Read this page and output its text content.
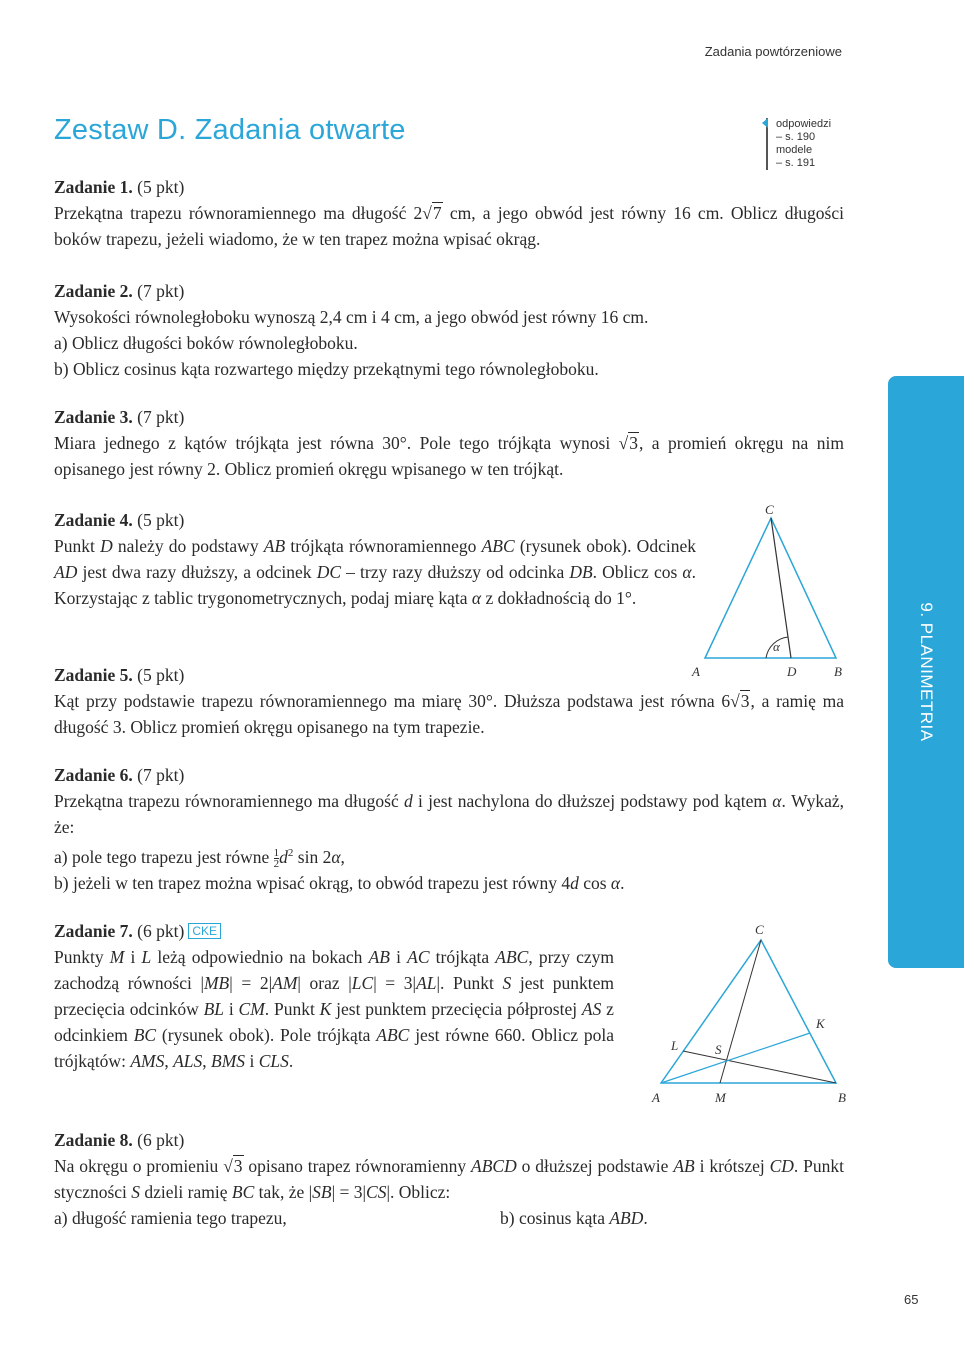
Zadania powtórzeniowe
Zestaw D. Zadania otwarte	odpowiedzi
– s. 190
modele
– s. 191

Zadanie 1. (5 pkt)

Przekątna trapezu równoramiennego ma długość 2√7 cm, a jego obwód jest równy 16 cm. Oblicz długości boków trapezu, jeżeli wiadomo, że w ten trapez można wpisać okrąg.

Zadanie 2. (7 pkt)

Wysokości równoległoboku wynoszą 2,4 cm i 4 cm, a jego obwód jest równy 16 cm.

a) Oblicz długości boków równoległoboku.

b) Oblicz cosinus kąta rozwartego między przekątnymi tego równoległoboku.

Zadanie 3. (7 pkt)

Miara jednego z kątów trójkąta jest równa 30°. Pole tego trójkąta wynosi √3, a promień okręgu na nim opisanego jest równy 2. Oblicz promień okręgu wpisanego w ten trójkąt.

Zadanie 4. (5 pkt)

Punkt D należy do podstawy AB trójkąta równoramiennego ABC (rysunek obok). Odcinek AD jest dwa razy dłuższy, a odcinek DC – trzy razy dłuższy od odcinka DB. Oblicz cos α. Korzystając z tablic trygonometrycznych, podaj miarę kąta α z dokładnością do 1°.

C
α
A	D	B

Zadanie 5. (5 pkt)

Kąt przy podstawie trapezu równoramiennego ma miarę 30°. Dłuższa podstawa jest równa 6√3, a ramię ma długość 3. Oblicz promień okręgu opisanego na tym trapezie.

Zadanie 6. (7 pkt)

Przekątna trapezu równoramiennego ma długość d i jest nachylona do dłuższej podstawy pod kątem α. Wykaż, że:

a) pole tego trapezu jest równe $\frac{1}{2} d^2$ sin 2α,

b) jeżeli w ten trapez można wpisać okrąg, to obwód trapezu jest równy 4d cos α.

Zadanie 7. (6 pkt) CKE

Punkty M i L leżą odpowiednio na bokach AB i AC trójkąta ABC, przy czym zachodzą równości |MB| = 2|AM| oraz |LC| = 3|AL|. Punkt S jest punktem przecięcia odcinków BL i CM. Punkt K jest punktem przecięcia półprostej AS z odcinkiem BC (rysunek obok). Pole trójkąta ABC jest równe 660. Oblicz pola trójkątów: AMS, ALS, BMS i CLS.

C
K
L	S
A	M	B

Zadanie 8. (6 pkt)

Na okręgu o promieniu √3 opisano trapez równoramienny ABCD o dłuższej podstawie AB i krótszej CD. Punkt styczności S dzieli ramię BC tak, że |SB| = 3|CS|. Oblicz:

a) długość ramienia tego trapezu,	b) cosinus kąta ABD.

9. PLANIMETRIA
65
